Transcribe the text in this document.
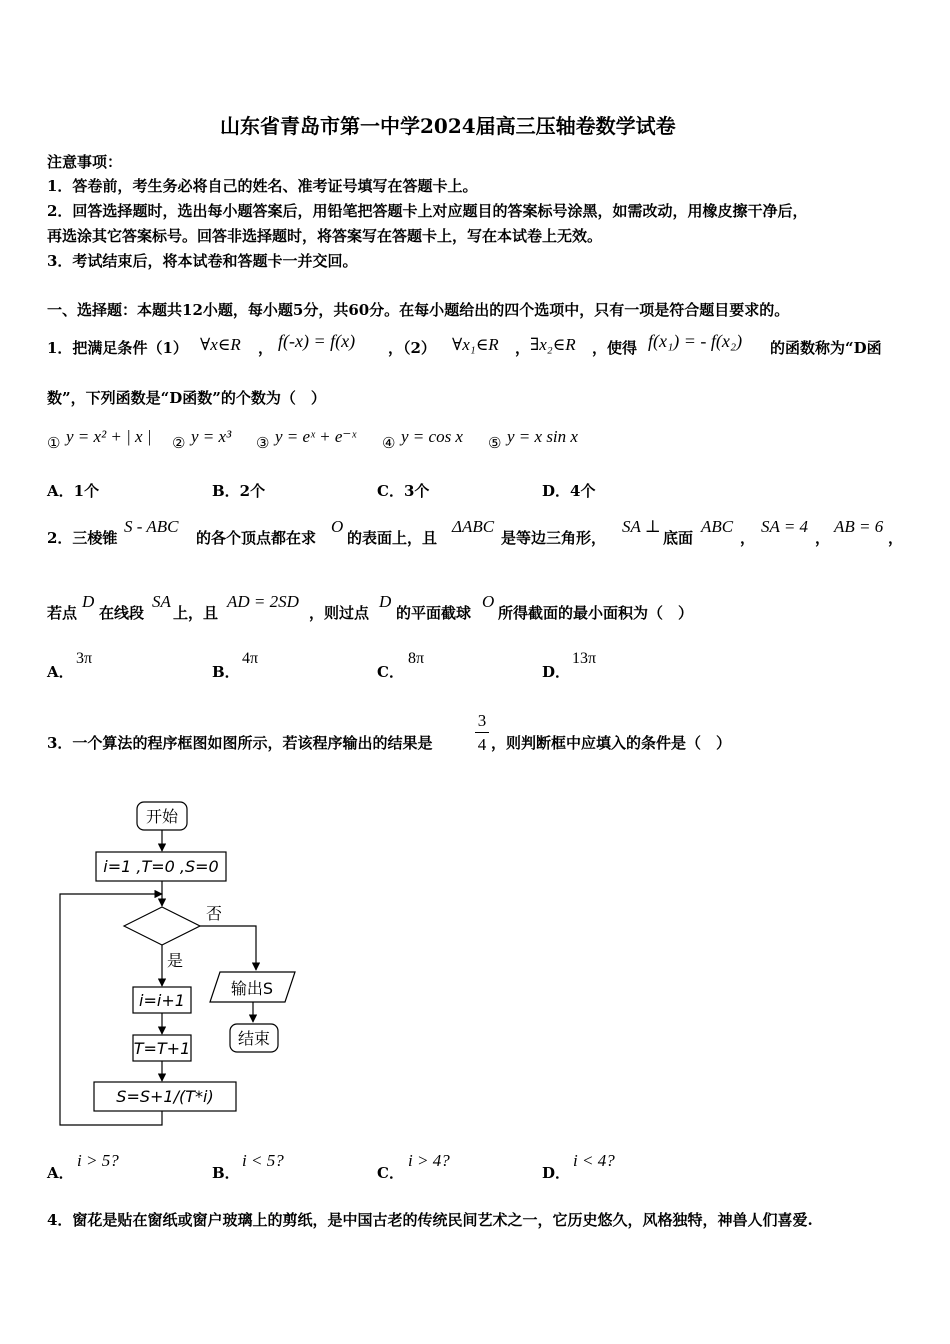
山东省青岛市第一中学2024届高三压轴卷数学试卷
注意事项：
1．答卷前，考生务必将自己的姓名、准考证号填写在答题卡上。
2．回答选择题时，选出每小题答案后，用铅笔把答题卡上对应题目的答案标号涂黑，如需改动，用橡皮擦干净后，
再选涂其它答案标号。回答非选择题时，将答案写在答题卡上，写在本试卷上无效。
3．考试结束后，将本试卷和答题卡一并交回。
一、选择题：本题共12小题，每小题5分，共60分。在每小题给出的四个选项中，只有一项是符合题目要求的。
1．把满足条件（1） ∀x∈R ， f(-x) = f(x) ，（2） ∀x₁∈R ， ∃x₂∈R ，使得 f(x₁) = - f(x₂) 的函数称为“D函
数”，下列函数是“D函数”的个数为（　）
① y = x² + | x | ② y = x³ ③ y = eˣ + e⁻ˣ ④ y = cos x ⑤ y = x sin x
A．1个	B．2个	C．3个	D．4个
2．三棱锥
S - ABC
的各个顶点都在求
O
的表面上，且
ΔABC
是等边三角形，
SA ⊥
底面
ABC
，
SA = 4
，
AB = 6
，
若点
D
在线段
SA
上，且
AD = 2SD
，则过点
D
的平面截球
O
所得截面的最小面积为（　）
A．
3π
B．
4π
C．
8π
D．
13π
3．一个算法的程序框图如图所示，若该程序输出的结果是
3
4 ，则判断框中应填入的条件是（　）
开始
i=1 ,T=0 ,S=0
否
是
输出S
结束
i=i+1
T=T+1
S=S+1/(T*i)
A．
i > 5?
B．
i < 5?
C．
i > 4?
D．
i < 4?
4．窗花是贴在窗纸或窗户玻璃上的剪纸，是中国古老的传统民间艺术之一，它历史悠久，风格独特，神兽人们喜爱.
